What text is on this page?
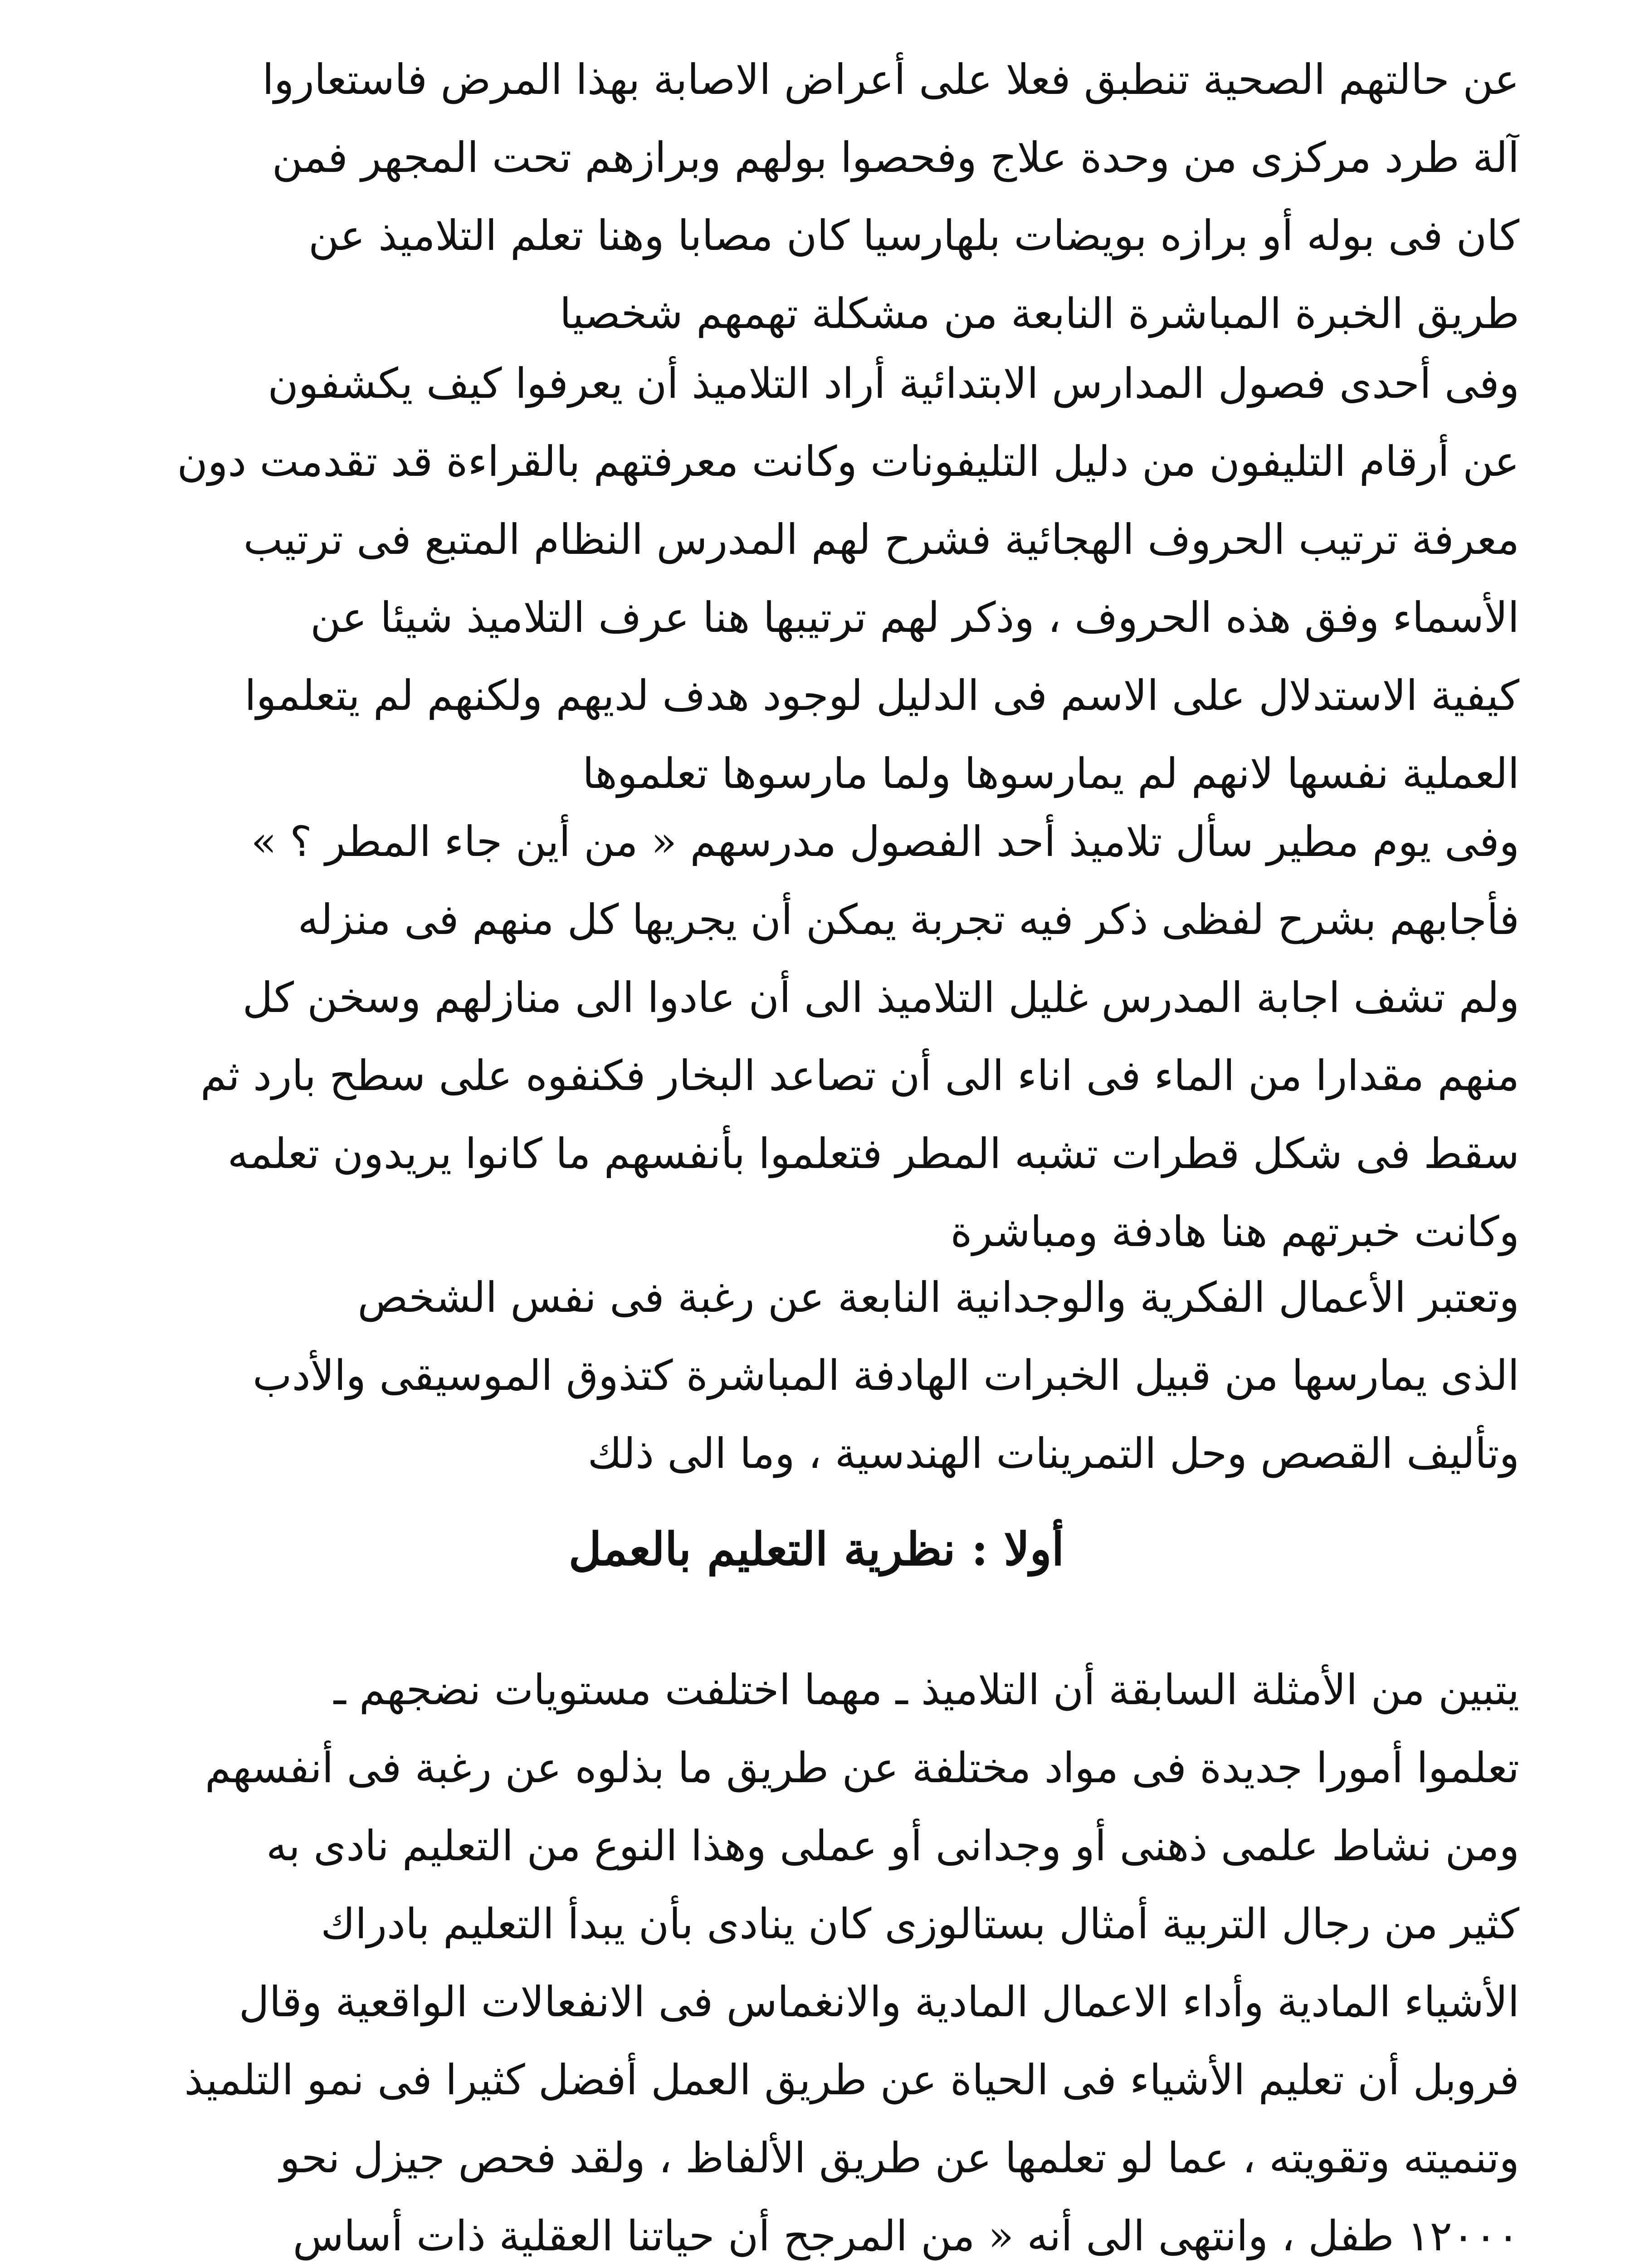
عن حالتهم الصحية تنطبق فعلا على أعراض الاصابة بهذا المرض فاستعاروا
آلة طرد مركزى من وحدة علاج وفحصوا بولهم وبرازهم تحت المجهر فمن
كان فى بوله أو برازه بويضات بلهارسيا كان مصابا وهنا تعلم التلاميذ عن
طريق الخبرة المباشرة النابعة من مشكلة تهمهم شخصيا
وفى أحدى فصول المدارس الابتدائية أراد التلاميذ أن يعرفوا كيف يكشفون
عن أرقام التليفون من دليل التليفونات وكانت معرفتهم بالقراءة قد تقدمت دون
معرفة ترتيب الحروف الهجائية فشرح لهم المدرس النظام المتبع فى ترتيب
الأسماء وفق هذه الحروف ، وذكر لهم ترتيبها هنا عرف التلاميذ شيئا عن
كيفية الاستدلال على الاسم فى الدليل لوجود هدف لديهم ولكنهم لم يتعلموا
العملية نفسها لانهم لم يمارسوها ولما مارسوها تعلموها
وفى يوم مطير سأل تلاميذ أحد الفصول مدرسهم « من أين جاء المطر ؟ »
فأجابهم بشرح لفظى ذكر فيه تجربة يمكن أن يجريها كل منهم فى منزله
ولم تشف اجابة المدرس غليل التلاميذ الى أن عادوا الى منازلهم وسخن كل
منهم مقدارا من الماء فى اناء الى أن تصاعد البخار فكنفوه على سطح بارد ثم
سقط فى شكل قطرات تشبه المطر فتعلموا بأنفسهم ما كانوا يريدون تعلمه
وكانت خبرتهم هنا هادفة ومباشرة
وتعتبر الأعمال الفكرية والوجدانية النابعة عن رغبة فى نفس الشخص
الذى يمارسها من قبيل الخبرات الهادفة المباشرة كتذوق الموسيقى والأدب
وتأليف القصص وحل التمرينات الهندسية ، وما الى ذلك
أولا : نظرية التعليم بالعمل
يتبين من الأمثلة السابقة أن التلاميذ ـ مهما اختلفت مستويات نضجهم ـ
تعلموا أمورا جديدة فى مواد مختلفة عن طريق ما بذلوه عن رغبة فى أنفسهم
ومن نشاط علمى ذهنى أو وجدانى أو عملى وهذا النوع من التعليم نادى به
كثير من رجال التربية أمثال بستالوزى كان ينادى بأن يبدأ التعليم بادراك
الأشياء المادية وأداء الاعمال المادية والانغماس فى الانفعالات الواقعية وقال
فروبل أن تعليم الأشياء فى الحياة عن طريق العمل أفضل كثيرا فى نمو التلميذ
وتنميته وتقويته ، عما لو تعلمها عن طريق الألفاظ ، ولقد فحص جيزل نحو
١٢٠٠٠ طفل ، وانتهى الى أنه « من المرجح أن حياتنا العقلية ذات أساس
